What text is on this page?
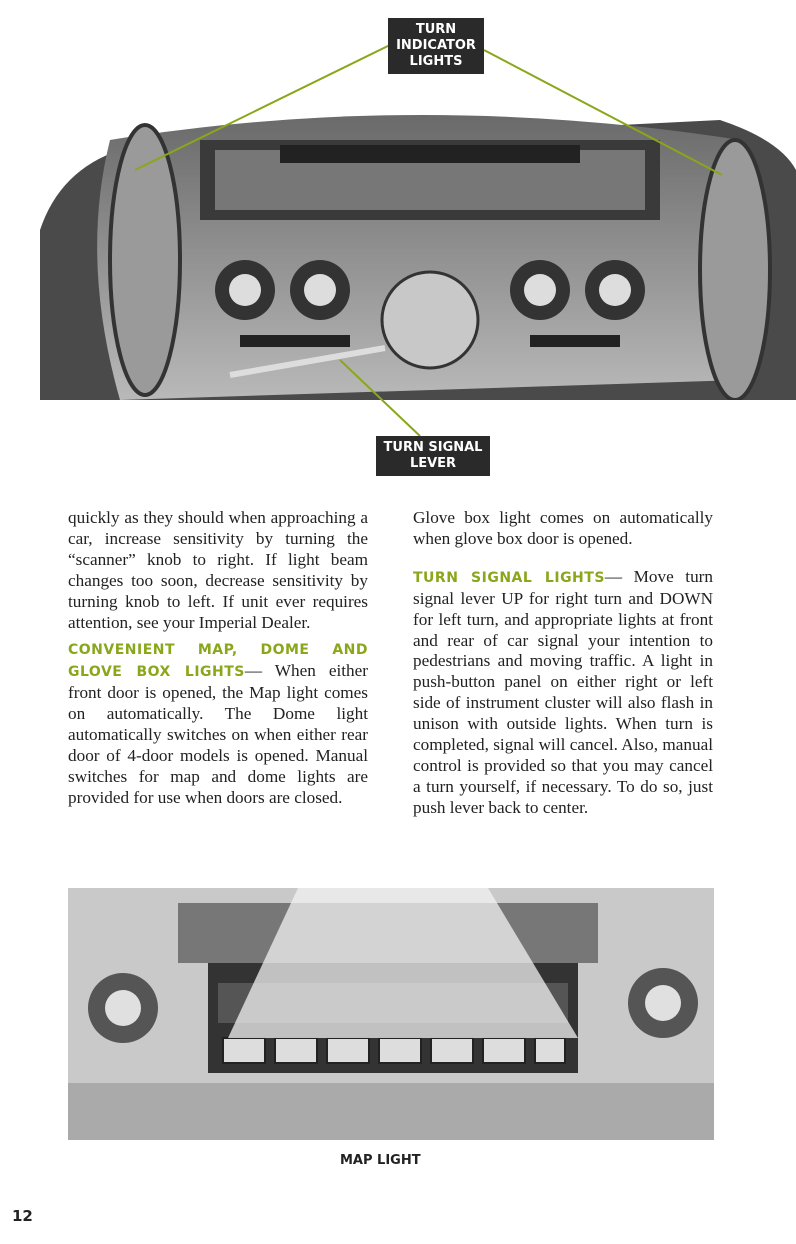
TURN
INDICATOR
LIGHTS
TURN SIGNAL
LEVER

quickly as they should when approaching a car, increase sensitivity by turning the “scanner” knob to right. If light beam changes too soon, decrease sensitivity by turning knob to left. If unit ever requires attention, see your Imperial Dealer.

CONVENIENT MAP, DOME AND GLOVE BOX LIGHTS— When either front door is opened, the Map light comes on automatically. The Dome light automatically switches on when either rear door of 4-door models is opened. Manual switches for map and dome lights are provided for use when doors are closed.

Glove box light comes on automatically when glove box door is opened.

TURN SIGNAL LIGHTS— Move turn signal lever UP for right turn and DOWN for left turn, and appropriate lights at front and rear of car signal your intention to pedestrians and moving traffic. A light in push-button panel on either right or left side of instrument cluster will also flash in unison with outside lights. When turn is completed, signal will cancel. Also, manual control is provided so that you may cancel a turn yourself, if necessary. To do so, just push lever back to center.

MAP LIGHT
12
